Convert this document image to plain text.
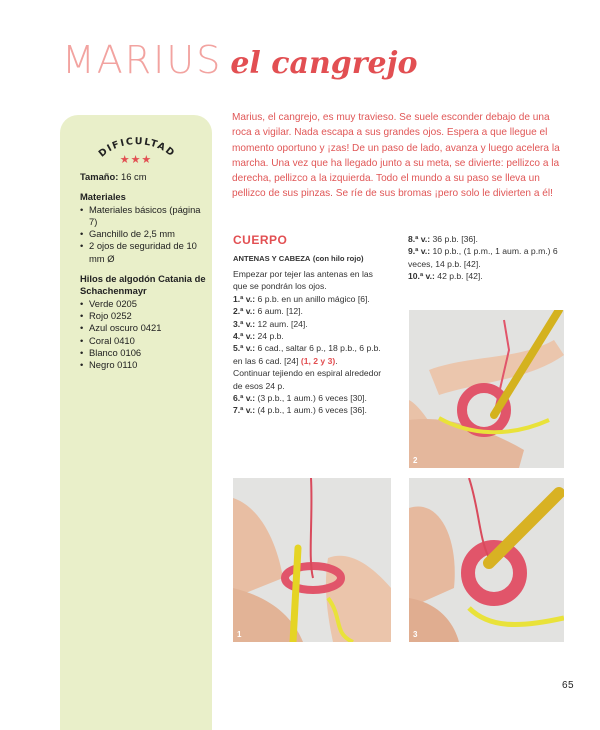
MARIUS el cangrejo
DIFICULTAD
★★★

Tamaño: 16 cm

Materiales

• Materiales básicos (página 7)
• Ganchillo de 2,5 mm
• 2 ojos de seguridad de 10 mm Ø

Hilos de algodón Catania de Schachenmayr

• Verde 0205
• Rojo 0252
• Azul oscuro 0421
• Coral 0410
• Blanco 0106
• Negro 0110

Marius, el cangrejo, es muy travieso. Se suele esconder debajo de una roca a vigilar. Nada escapa a sus grandes ojos. Espera a que llegue el momento oportuno y ¡zas! De un paso de lado, avanza y luego acelera la marcha. Una vez que ha llegado junto a su meta, se divierte: pellizco a la derecha, pellizco a la izquierda. Todo el mundo a su paso se lleva un pellizco de sus pinzas. Se ríe de sus bromas ¡pero solo le divierten a él!

CUERPO
ANTENAS Y CABEZA (con hilo rojo)

Empezar por tejer las antenas en las que se pondrán los ojos.

1.ª v.: 6 p.b. en un anillo mágico [6].

2.ª v.: 6 aum. [12].

3.ª v.: 12 aum. [24].

4.ª v.: 24 p.b.

5.ª v.: 6 cad., saltar 6 p., 18 p.b., 6 p.b. en las 6 cad. [24] (1, 2 y 3).

Continuar tejiendo en espiral alrededor de esos 24 p.

6.ª v.: (3 p.b., 1 aum.) 6 veces [30].

7.ª v.: (4 p.b., 1 aum.) 6 veces [36].

8.ª v.: 36 p.b. [36].

9.ª v.: 10 p.b., (1 p.m., 1 aum. a p.m.) 6 veces, 14 p.b. [42].

10.ª v.: 42 p.b. [42].

2
1	3
65
